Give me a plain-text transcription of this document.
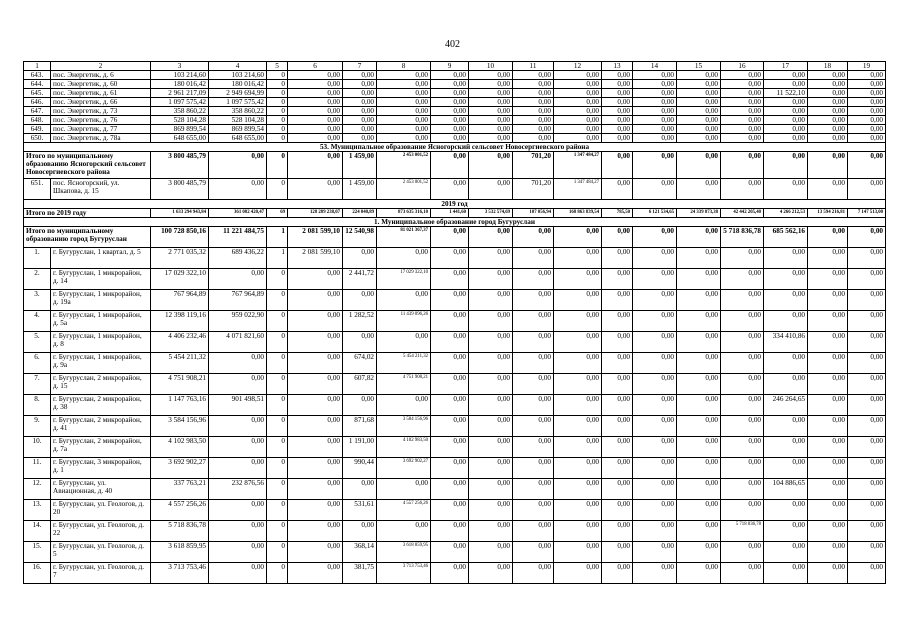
402
1	2	3	4	5	6	7	8	9	10	11	12	13	14	15	16	17	18	19
643.	пос. Энергетик, д. 6	103 214,60	103 214,60	0	0,00	0,00	0,00	0,00	0,00	0,00	0,00	0,00	0,00	0,00	0,00	0,00	0,00	0,00
644.	пос. Энергетик, д. 60	180 016,42	180 016,42	0	0,00	0,00	0,00	0,00	0,00	0,00	0,00	0,00	0,00	0,00	0,00	0,00	0,00	0,00
645.	пос. Энергетик, д. 61	2 961 217,09	2 949 694,99	0	0,00	0,00	0,00	0,00	0,00	0,00	0,00	0,00	0,00	0,00	0,00	11 522,10	0,00	0,00
646.	пос. Энергетик, д. 66	1 097 575,42	1 097 575,42	0	0,00	0,00	0,00	0,00	0,00	0,00	0,00	0,00	0,00	0,00	0,00	0,00	0,00	0,00
647.	пос. Энергетик, д. 73	358 860,22	358 860,22	0	0,00	0,00	0,00	0,00	0,00	0,00	0,00	0,00	0,00	0,00	0,00	0,00	0,00	0,00
648.	пос. Энергетик, д. 76	528 104,28	528 104,28	0	0,00	0,00	0,00	0,00	0,00	0,00	0,00	0,00	0,00	0,00	0,00	0,00	0,00	0,00
649.	пос. Энергетик, д. 77	869 899,54	869 899,54	0	0,00	0,00	0,00	0,00	0,00	0,00	0,00	0,00	0,00	0,00	0,00	0,00	0,00	0,00
650.	пос. Энергетик, д. 78а	648 655,00	648 655,00	0	0,00	0,00	0,00	0,00	0,00	0,00	0,00	0,00	0,00	0,00	0,00	0,00	0,00	0,00
53. Муниципальное образование Ясногорский сельсовет Новосергиевского района																		
Итого по муниципальному образованию Ясногорский сельсовет Новосергиевского района		3 800 485,79	0,00	0	0,00	1 459,00	2 453 001,52	0,00	0,00	701,20	1 347 484,27	0,00	0,00	0,00	0,00	0,00	0,00	0,00
651.	пос. Ясногорский, ул. Шкапова, д. 15	3 800 485,79	0,00	0	0,00	1 459,00	2 453 001,52	0,00	0,00	701,20	1 347 484,27	0,00	0,00	0,00	0,00	0,00	0,00	0,00
2019 год																		
Итого по 2019 году		1 633 294 943,84	361 082 420,47	69	128 289 238,07	224 040,89	873 635 316,10	1 441,60	3 532 574,69	107 056,94	168 863 839,54	785,50	6 121 534,65	24 339 873,38	42 442 205,40	4 266 212,53	13 594 216,81	7 147 513,00
1. Муниципальное образование город Бугуруслан																		
Итого по муниципальному образованию город Бугуруслан		100 728 850,16	11 221 484,75	1	2 081 599,10	12 540,98	81 021 367,37	0,00	0,00	0,00	0,00	0,00	0,00	0,00	5 718 836,78	685 562,16	0,00	0,00
1.	г. Бугуруслан, 1 квартал, д. 5	2 771 035,32	689 436,22	1	2 081 599,10	0,00	0,00	0,00	0,00	0,00	0,00	0,00	0,00	0,00	0,00	0,00	0,00	0,00
2.	г. Бугуруслан, 1 микрорайон, д. 14	17 029 322,10	0,00	0	0,00	2 441,72	17 029 322,10	0,00	0,00	0,00	0,00	0,00	0,00	0,00	0,00	0,00	0,00	0,00
3.	г. Бугуруслан, 1 микрорайон, д. 19а	767 964,89	767 964,89	0	0,00	0,00	0,00	0,00	0,00	0,00	0,00	0,00	0,00	0,00	0,00	0,00	0,00	0,00
4.	г. Бугуруслан, 1 микрорайон, д. 5а	12 398 119,16	959 022,90	0	0,00	1 282,52	11 439 096,26	0,00	0,00	0,00	0,00	0,00	0,00	0,00	0,00	0,00	0,00	0,00
5.	г. Бугуруслан, 1 микрорайон, д. 8	4 406 232,46	4 071 821,60	0	0,00	0,00	0,00	0,00	0,00	0,00	0,00	0,00	0,00	0,00	0,00	334 410,86	0,00	0,00
6.	г. Бугуруслан, 1 микрорайон, д. 9а	5 454 211,32	0,00	0	0,00	674,02	5 454 211,32	0,00	0,00	0,00	0,00	0,00	0,00	0,00	0,00	0,00	0,00	0,00
7.	г. Бугуруслан, 2 микрорайон, д. 15	4 751 908,21	0,00	0	0,00	607,82	4 751 908,21	0,00	0,00	0,00	0,00	0,00	0,00	0,00	0,00	0,00	0,00	0,00
8.	г. Бугуруслан, 2 микрорайон, д. 38	1 147 763,16	901 498,51	0	0,00	0,00	0,00	0,00	0,00	0,00	0,00	0,00	0,00	0,00	0,00	246 264,65	0,00	0,00
9.	г. Бугуруслан, 2 микрорайон, д. 41	3 584 156,96	0,00	0	0,00	871,68	3 584 156,96	0,00	0,00	0,00	0,00	0,00	0,00	0,00	0,00	0,00	0,00	0,00
10.	г. Бугуруслан, 2 микрорайон, д. 7а	4 102 983,50	0,00	0	0,00	1 191,00	4 102 983,50	0,00	0,00	0,00	0,00	0,00	0,00	0,00	0,00	0,00	0,00	0,00
11.	г. Бугуруслан, 3 микрорайон, д. 1	3 692 902,27	0,00	0	0,00	990,44	3 692 902,27	0,00	0,00	0,00	0,00	0,00	0,00	0,00	0,00	0,00	0,00	0,00
12.	г. Бугуруслан, ул. Авиационная, д. 40	337 763,21	232 876,56	0	0,00	0,00	0,00	0,00	0,00	0,00	0,00	0,00	0,00	0,00	0,00	104 886,65	0,00	0,00
13.	г. Бугуруслан, ул. Геологов, д. 20	4 557 256,26	0,00	0	0,00	531,61	4 557 256,26	0,00	0,00	0,00	0,00	0,00	0,00	0,00	0,00	0,00	0,00	0,00
14.	г. Бугуруслан, ул. Геологов, д. 22	5 718 836,78	0,00	0	0,00	0,00	0,00	0,00	0,00	0,00	0,00	0,00	0,00	0,00	5 718 836,78	0,00	0,00	0,00
15.	г. Бугуруслан, ул. Геологов, д. 5	3 618 859,95	0,00	0	0,00	368,14	3 618 859,95	0,00	0,00	0,00	0,00	0,00	0,00	0,00	0,00	0,00	0,00	0,00
16.	г. Бугуруслан, ул. Геологов, д. 7	3 713 753,46	0,00	0	0,00	381,75	3 713 753,46	0,00	0,00	0,00	0,00	0,00	0,00	0,00	0,00	0,00	0,00	0,00
